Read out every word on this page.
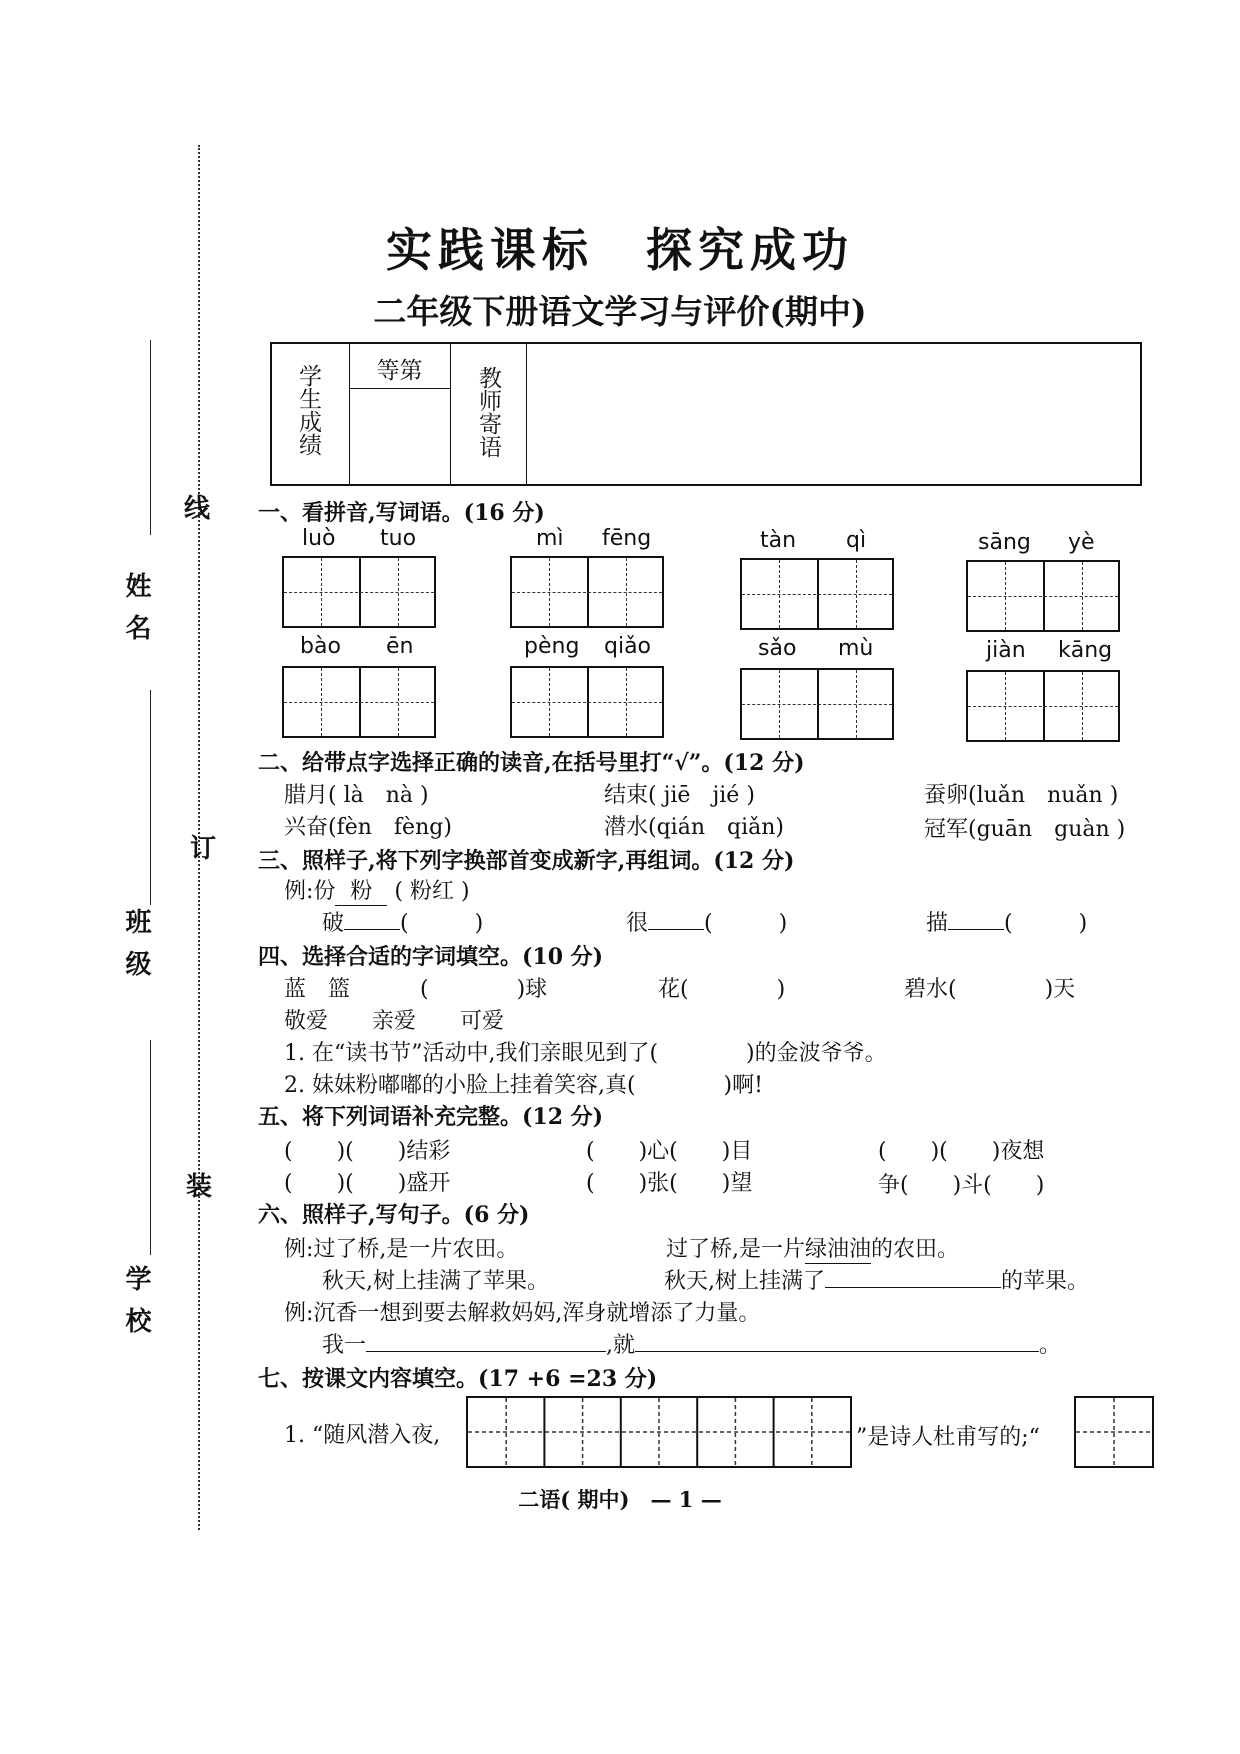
线
订
装
姓名
班级
学校
实践课标　探究成功
二年级下册语文学习与评价(期中)
学生成绩	等第	教师寄语
一、看拼音,写词语。(16 分)
luò tuo	mì fēng	tàn qì	sāng yè
bào ēn	pèng qiǎo	sǎo mù	jiàn kāng
二、给带点字选择正确的读音,在括号里打“√”。(12 分)
腊月( là　nà )	结束( jiē　jié )	蚕卵(luǎn　nuǎn )
兴奋(fèn　fèng)	潜水(qián　qiǎn)	冠军(guān　guàn )
三、照样子,将下列字换部首变成新字,再组词。(12 分)
例:份 粉 ( 粉红 )
破	(　　　)	很	(　　　)	描	(　　　)
四、选择合适的字词填空。(10 分)
蓝　篮	(　　　　)球	花(　　　　)	碧水(　　　　)天
敬爱　　亲爱　　可爱
1. 在“读书节”活动中,我们亲眼见到了(　　　　)的金波爷爷。
2. 妹妹粉嘟嘟的小脸上挂着笑容,真(　　　　)啊!
五、将下列词语补充完整。(12 分)
(　　)(　　)结彩	(　　)心(　　)目	(　　)(　　)夜想
(　　)(　　)盛开	(　　)张(　　)望	争(　　)斗(　　)
六、照样子,写句子。(6 分)
例:过了桥,是一片农田。	过了桥,是一片绿油油的农田。
秋天,树上挂满了苹果。	秋天,树上挂满了	的苹果。
例:沉香一想到要去解救妈妈,浑身就增添了力量。
我一	,就	。
七、按课文内容填空。(17 +6 =23 分)
1. “随风潜入夜,	”是诗人杜甫写的;“
二语( 期中)　— 1 —
